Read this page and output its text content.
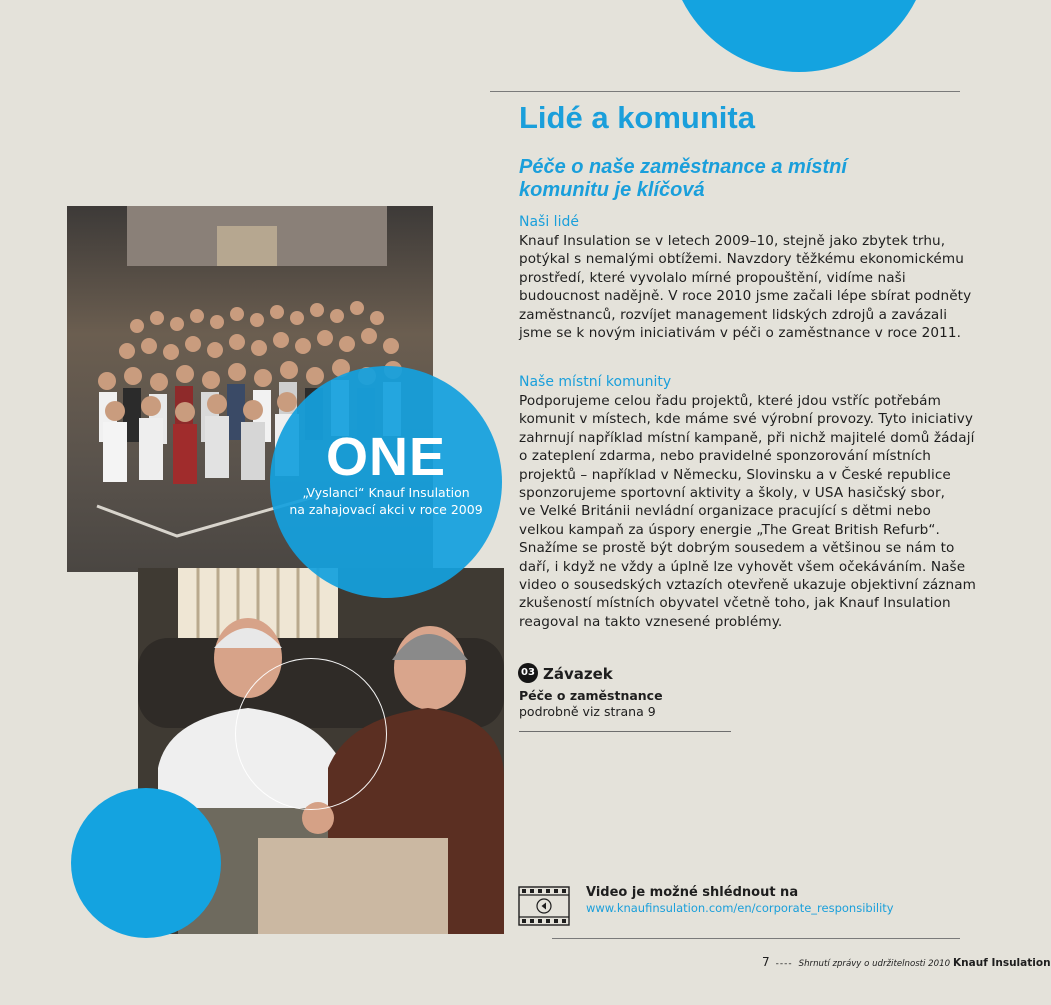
Lidé a komunita
Péče o naše zaměstnance a místní
komunitu je klíčová
Naši lidé
Knauf Insulation se v letech 2009–10, stejně jako zbytek trhu,
potýkal s nemalými obtížemi. Navzdory těžkému ekonomickému
prostředí, které vyvolalo mírné propouštění, vidíme naši
budoucnost nadějně. V roce 2010 jsme začali lépe sbírat podněty
zaměstnanců, rozvíjet management lidských zdrojů a zavázali
jsme se k novým iniciativám v péči o zaměstnance v roce 2011.
Naše místní komunity
Podporujeme celou řadu projektů, které jdou vstříc potřebám
komunit v místech, kde máme své výrobní provozy. Tyto iniciativy
zahrnují například místní kampaně, při nichž majitelé domů žádají
o zateplení zdarma, nebo pravidelné sponzorování místních
projektů – například v Německu, Slovinsku a v České republice
sponzorujeme sportovní aktivity a školy, v USA hasičský sbor,
ve Velké Británii nevládní organizace pracující s dětmi nebo
velkou kampaň za úspory energie „The Great British Refurb“.
Snažíme se prostě být dobrým sousedem a většinou se nám to
daří, i když ne vždy a úplně lze vyhovět všem očekáváním. Naše
video o sousedských vztazích otevřeně ukazuje objektivní záznam
zkušeností místních obyvatel včetně toho, jak Knauf Insulation
reagoval na takto vznesené problémy.
ONE
„Vyslanci“ Knauf Insulation
na zahajovací akci v roce 2009
03 Závazek
Péče o zaměstnance
podrobně viz strana 9
Video je možné shlédnout na
www.knaufinsulation.com/en/corporate_responsibility
7 ---- Shrnutí zprávy o udržitelnosti 2010 Knauf Insulation
